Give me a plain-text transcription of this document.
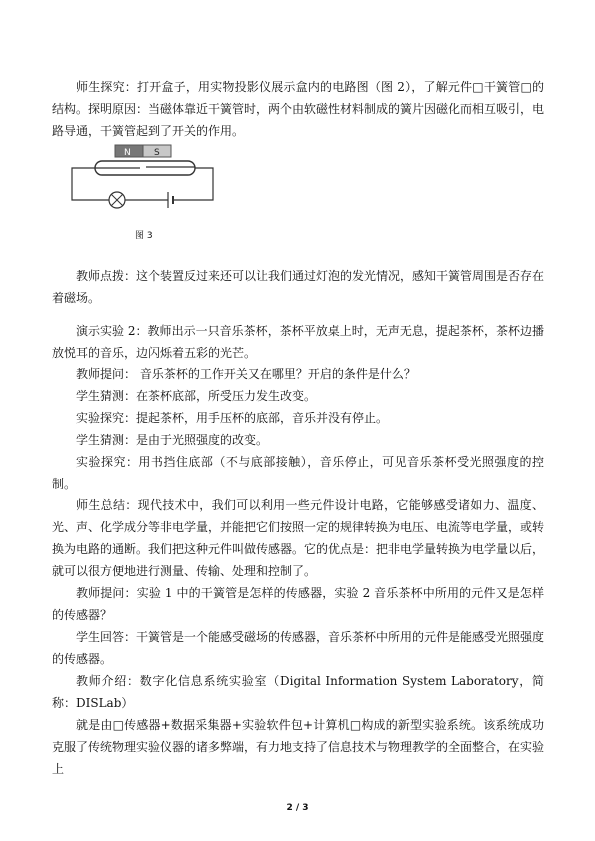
师生探究：打开盒子，用实物投影仪展示盒内的电路图（图 2），了解元件□干簧管□的结构。探明原因：当磁体靠近干簧管时，两个由软磁性材料制成的簧片因磁化而相互吸引，电路导通，干簧管起到了开关的作用。

N	S
图 3

教师点拨：这个装置反过来还可以让我们通过灯泡的发光情况，感知干簧管周围是否存在着磁场。

演示实验 2：教师出示一只音乐茶杯，茶杯平放桌上时，无声无息，提起茶杯，茶杯边播放悦耳的音乐，边闪烁着五彩的光芒。

教师提问： 音乐茶杯的工作开关又在哪里？开启的条件是什么？

学生猜测：在茶杯底部，所受压力发生改变。

实验探究：提起茶杯，用手压杯的底部，音乐并没有停止。

学生猜测：是由于光照强度的改变。

实验探究：用书挡住底部（不与底部接触），音乐停止，可见音乐茶杯受光照强度的控制。

师生总结：现代技术中，我们可以利用一些元件设计电路，它能够感受诸如力、温度、光、声、化学成分等非电学量，并能把它们按照一定的规律转换为电压、电流等电学量，或转换为电路的通断。我们把这种元件叫做传感器。它的优点是：把非电学量转换为电学量以后，就可以很方便地进行测量、传输、处理和控制了。

教师提问：实验 1 中的干簧管是怎样的传感器，实验 2 音乐茶杯中所用的元件又是怎样的传感器？

学生回答：干簧管是一个能感受磁场的传感器，音乐茶杯中所用的元件是能感受光照强度的传感器。

教师介绍：数字化信息系统实验室（Digital Information System Laboratory，简称：DISLab）

就是由□传感器+数据采集器+实验软件包+计算机□构成的新型实验系统。该系统成功克服了传统物理实验仪器的诸多弊端，有力地支持了信息技术与物理教学的全面整合，在实验上

2 / 3
